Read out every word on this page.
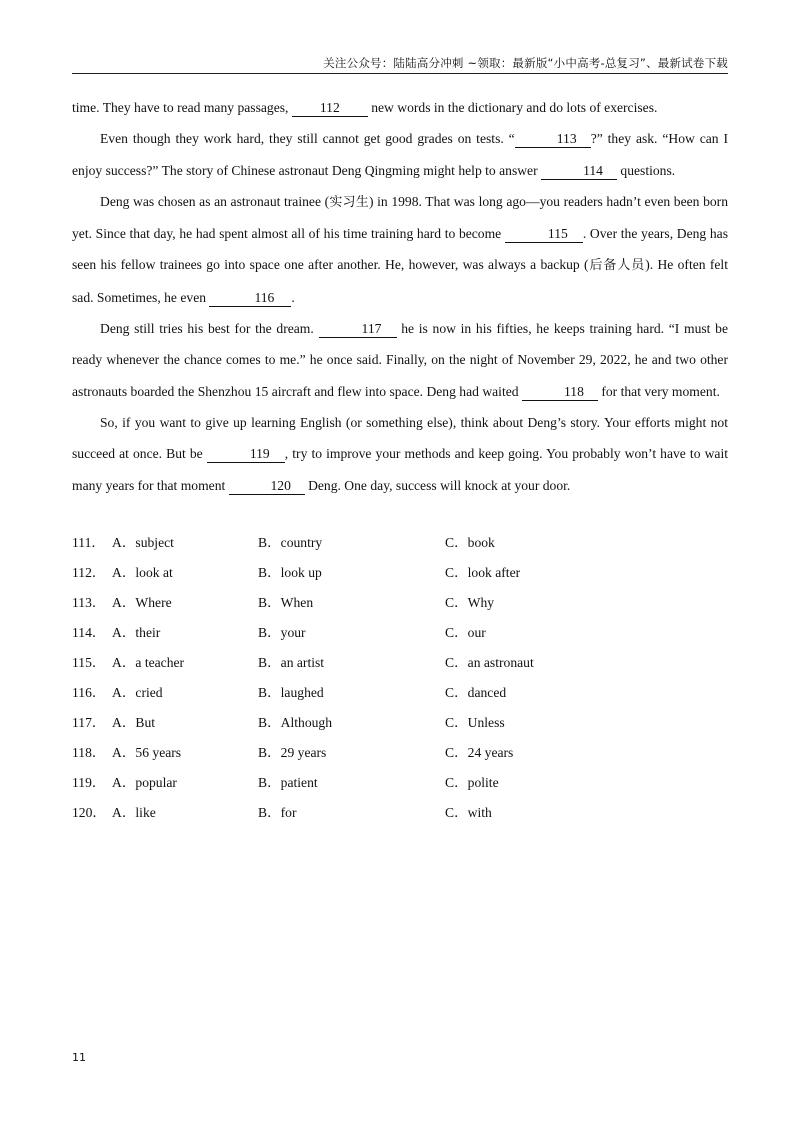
关注公众号：陆陆高分冲刺 ~领取：最新版“小中高考-总复习”、最新试卷下载

time. They have to read many passages, 112 new words in the dictionary and do lots of exercises.

Even though they work hard, they still cannot get good grades on tests. “	113 ?” they ask. “How can I enjoy success?” The story of Chinese astronaut Deng Qingming might help to answer	114 questions.

Deng was chosen as an astronaut trainee (实习生) in 1998. That was long ago—you readers hadn’t even been born yet. Since that day, he had spent almost all of his time training hard to become	115 . Over the years, Deng has seen his fellow trainees go into space one after another. He, however, was always a backup (后备人员). He often felt sad. Sometimes, he even	116 .

Deng still tries his best for the dream.	117 he is now in his fifties, he keeps training hard. “I must be ready whenever the chance comes to me.” he once said. Finally, on the night of November 29, 2022, he and two other astronauts boarded the Shenzhou 15 aircraft and flew into space. Deng had waited	118 for that very moment.

So, if you want to give up learning English (or something else), think about Deng’s story. Your efforts might not succeed at once. But be	119 , try to improve your methods and keep going. You probably won’t have to wait many years for that moment	120 Deng. One day, success will knock at your door.

111． A．subject	B．country	C．book
112． A．look at	B．look up	C．look after
113． A．Where	B．When	C．Why
114． A．their	B．your	C．our
115． A．a teacher	B．an artist	C．an astronaut
116． A．cried	B．laughed	C．danced
117． A．But	B．Although	C．Unless
118． A．56 years	B．29 years	C．24 years
119． A．popular	B．patient	C．polite
120． A．like	B．for	C．with
11
